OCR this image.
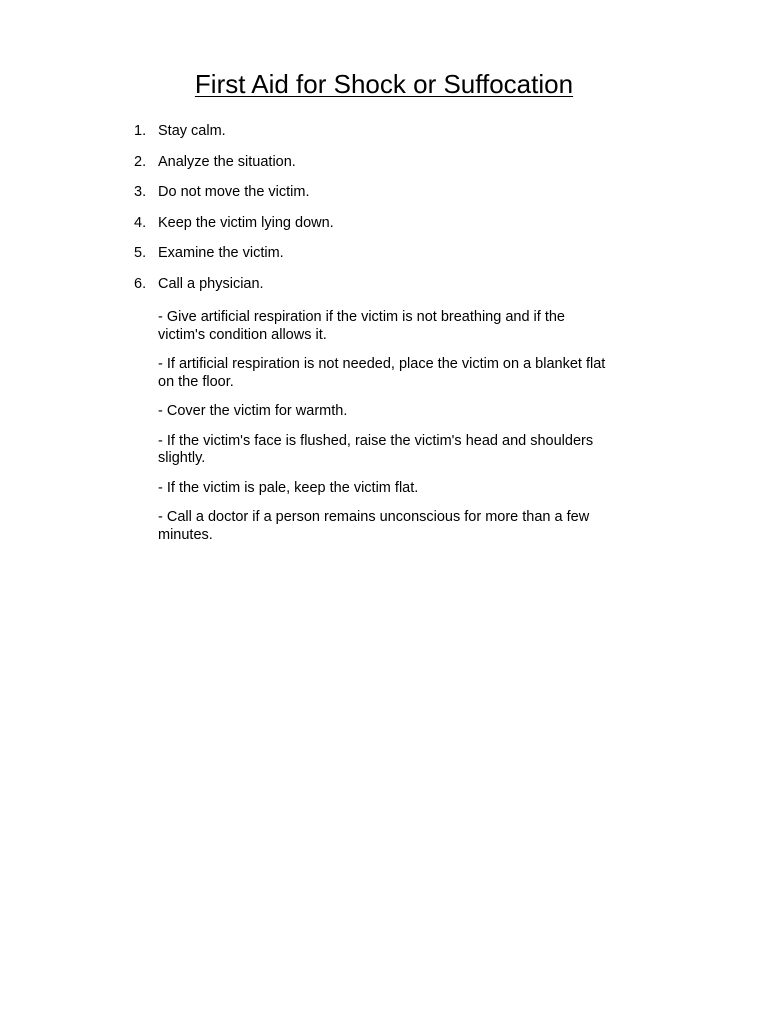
First Aid for Shock or Suffocation
1. Stay calm.
2. Analyze the situation.
3. Do not move the victim.
4. Keep the victim lying down.
5. Examine the victim.
6. Call a physician.

- Give artificial respiration if the victim is not breathing and if the victim's condition allows it.

- If artificial respiration is not needed, place the victim on a blanket flat on the floor.

- Cover the victim for warmth.

- If the victim's face is flushed, raise the victim's head and shoulders slightly.

- If the victim is pale, keep the victim flat.

- Call a doctor if a person remains unconscious for more than a few minutes.
